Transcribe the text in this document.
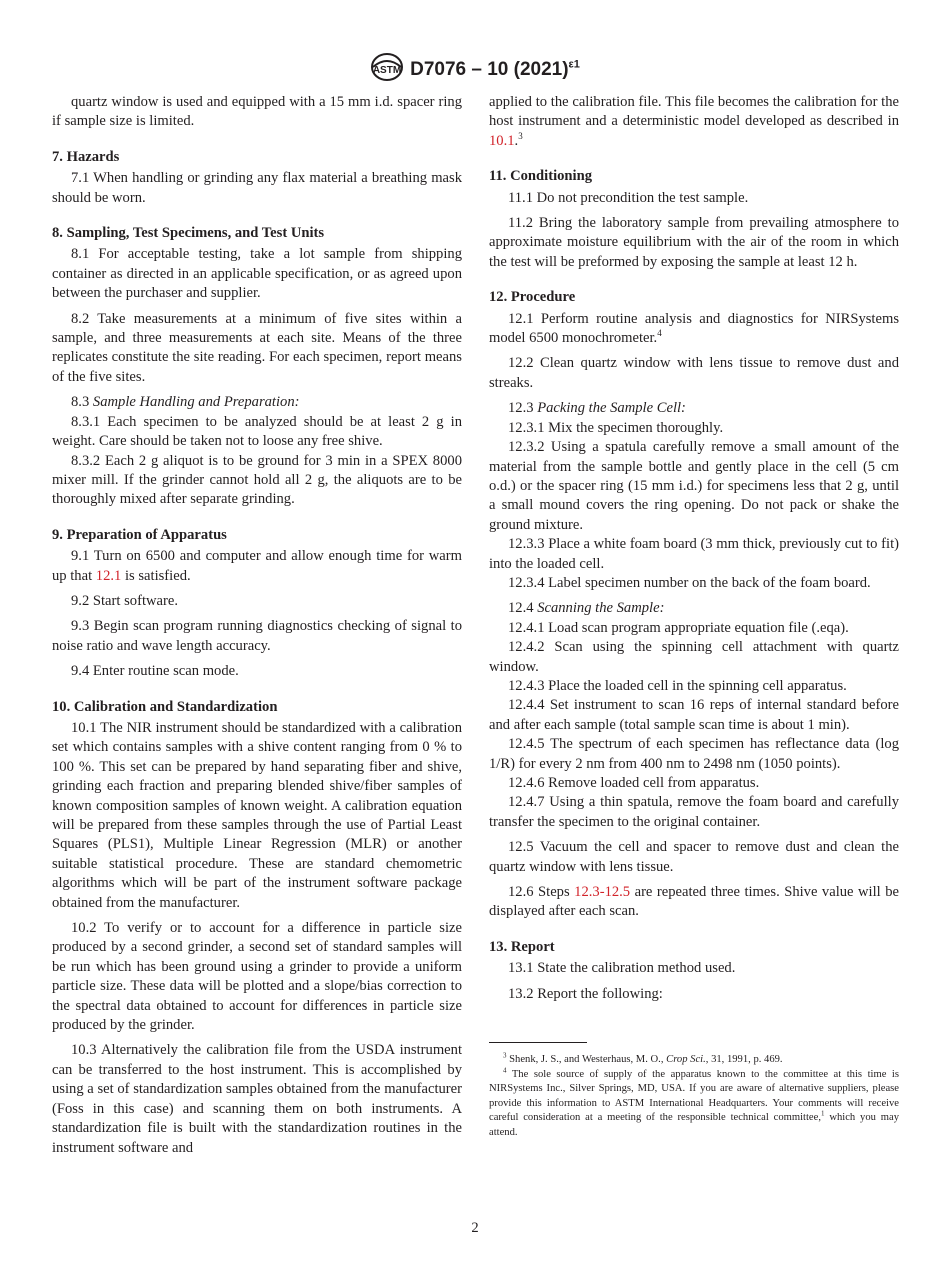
ASTM D7076 – 10 $(2021)^{\varepsilon 1}$

quartz window is used and equipped with a 15 mm i.d. spacer ring if sample size is limited.

7. Hazards

7.1 When handling or grinding any flax material a breathing mask should be worn.

8. Sampling, Test Specimens, and Test Units

8.1 For acceptable testing, take a lot sample from shipping container as directed in an applicable specification, or as agreed upon between the purchaser and supplier.

8.2 Take measurements at a minimum of five sites within a sample, and three measurements at each site. Means of the three replicates constitute the site reading. For each specimen, report means of the five sites.

8.3 Sample Handling and Preparation:

8.3.1 Each specimen to be analyzed should be at least 2 g in weight. Care should be taken not to loose any free shive.

8.3.2 Each 2 g aliquot is to be ground for 3 min in a SPEX 8000 mixer mill. If the grinder cannot hold all 2 g, the aliquots are to be thoroughly mixed after separate grinding.

9. Preparation of Apparatus

9.1 Turn on 6500 and computer and allow enough time for warm up that 12.1 is satisfied.

9.2 Start software.

9.3 Begin scan program running diagnostics checking of signal to noise ratio and wave length accuracy.

9.4 Enter routine scan mode.

10. Calibration and Standardization

10.1 The NIR instrument should be standardized with a calibration set which contains samples with a shive content ranging from 0 % to 100 %. This set can be prepared by hand separating fiber and shive, grinding each fraction and preparing blended shive/fiber samples of known composition samples of known weight. A calibration equation will be prepared from these samples through the use of Partial Least Squares (PLS1), Multiple Linear Regression (MLR) or another suitable statistical procedure. These are standard chemometric algorithms which will be part of the instrument software package obtained from the manufacturer.

10.2 To verify or to account for a difference in particle size produced by a second grinder, a second set of standard samples will be run which has been ground using a grinder to provide a uniform particle size. These data will be plotted and a slope/bias correction to the spectral data obtained to account for differences in particle size produced by the grinder.

10.3 Alternatively the calibration file from the USDA instrument can be transferred to the host instrument. This is accomplished by using a set of standardization samples obtained from the manufacturer (Foss in this case) and scanning them on both instruments. A standardization file is built with the standardization routines in the instrument software and

applied to the calibration file. This file becomes the calibration for the host instrument and a deterministic model developed as described in 10.1.$^3$

11. Conditioning

11.1 Do not precondition the test sample.

11.2 Bring the laboratory sample from prevailing atmosphere to approximate moisture equilibrium with the air of the room in which the test will be preformed by exposing the sample at least 12 h.

12. Procedure

12.1 Perform routine analysis and diagnostics for NIRSystems model 6500 monochrometer.$^4$

12.2 Clean quartz window with lens tissue to remove dust and streaks.

12.3 Packing the Sample Cell:

12.3.1 Mix the specimen thoroughly.

12.3.2 Using a spatula carefully remove a small amount of the material from the sample bottle and gently place in the cell (5 cm o.d.) or the spacer ring (15 mm i.d.) for specimens less that 2 g, until a small mound covers the ring opening. Do not pack or shake the ground mixture.

12.3.3 Place a white foam board (3 mm thick, previously cut to fit) into the loaded cell.

12.3.4 Label specimen number on the back of the foam board.

12.4 Scanning the Sample:

12.4.1 Load scan program appropriate equation file (.eqa).

12.4.2 Scan using the spinning cell attachment with quartz window.

12.4.3 Place the loaded cell in the spinning cell apparatus.

12.4.4 Set instrument to scan 16 reps of internal standard before and after each sample (total sample scan time is about 1 min).

12.4.5 The spectrum of each specimen has reflectance data (log 1/R) for every 2 nm from 400 nm to 2498 nm (1050 points).

12.4.6 Remove loaded cell from apparatus.

12.4.7 Using a thin spatula, remove the foam board and carefully transfer the specimen to the original container.

12.5 Vacuum the cell and spacer to remove dust and clean the quartz window with lens tissue.

12.6 Steps 12.3-12.5 are repeated three times. Shive value will be displayed after each scan.

13. Report

13.1 State the calibration method used.

13.2 Report the following:

$^3$ Shenk, J. S., and Westerhaus, M. O., Crop Sci., 31, 1991, p. 469.

$^4$ The sole source of supply of the apparatus known to the committee at this time is NIRSystems Inc., Silver Springs, MD, USA. If you are aware of alternative suppliers, please provide this information to ASTM International Headquarters. Your comments will receive careful consideration at a meeting of the responsible technical committee,$^1$ which you may attend.

2
